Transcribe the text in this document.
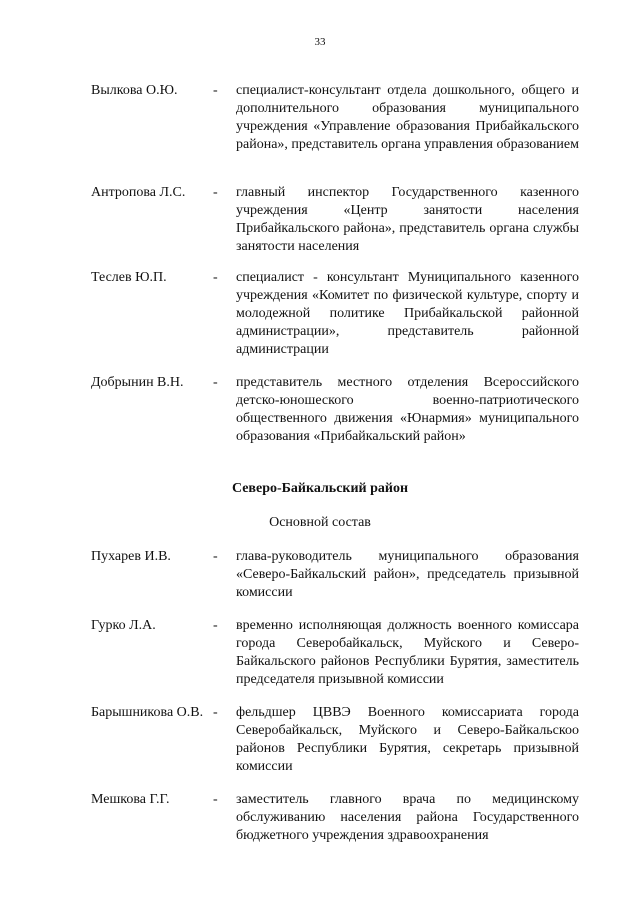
33
Вылкова О.Ю.	- специалист-консультант отдела дошкольного, общего и дополнительного образования муниципального учреждения «Управление образования Прибайкальского района», представитель органа управления образованием
Антропова Л.С.	- главный инспектор Государственного казенного учреждения «Центр занятости населения Прибайкальского района», представитель органа службы занятости населения
Теслев Ю.П.	- специалист - консультант Муниципального казенного учреждения «Комитет по физической культуре, спорту и молодежной политике Прибайкальской районной администрации», представитель районной администрации
Добрынин В.Н.	- представитель местного отделения Всероссийского детско-юношеского военно-патриотического общественного движения «Юнармия» муниципального образования «Прибайкальский район»
Северо-Байкальский район
Основной состав
Пухарев И.В.	- глава-руководитель муниципального образования «Северо-Байкальский район», председатель призывной комиссии
Гурко Л.А.	- временно исполняющая должность военного комиссара города Северобайкальск, Муйского и Северо-Байкальского районов Республики Бурятия, заместитель председателя призывной комиссии
Барышникова О.В. - фельдшер ЦВВЭ Военного комиссариата города Северобайкальск, Муйского и Северо-Байкальскоо районов Республики Бурятия, секретарь призывной комиссии
Мешкова Г.Г.	- заместитель главного врача по медицинскому обслуживанию населения района Государственного бюджетного учреждения здравоохранения
